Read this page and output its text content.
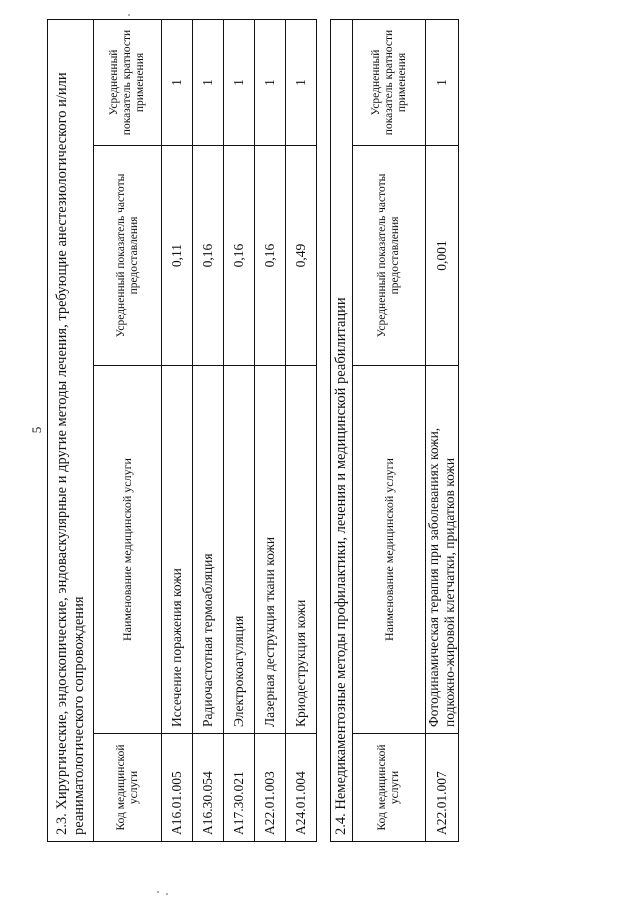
5 2.3. Хирургические, эндоскопические, эндоваскулярные и другие методы лечения, требующие анестезиологического и/или реаниматологического сопровождения			
Код медицинской услуги	Наименование медицинской услуги	Усредненный показатель частоты предоставления	Усредненный показатель кратности применения
A16.01.005	Иссечение поражения кожи	0,11	1
A16.30.054	Радиочастотная термоабляция	0,16	1
A17.30.021	Электрокоагуляция	0,16	1
A22.01.003	Лазерная деструкция ткани кожи	0,16	1
A24.01.004	Криодеструкция кожи	0,49	1
2.4. Немедикаментозные методы профилактики, лечения и медицинской реабилитации			
Код медицинской услуги	Наименование медицинской услуги	Усредненный показатель частоты предоставления	Усредненный показатель кратности применения
A22.01.007	Фотодинамическая терапия при заболеваниях кожи, подкожно-жировой клетчатки, придатков кожи	0,001	1
